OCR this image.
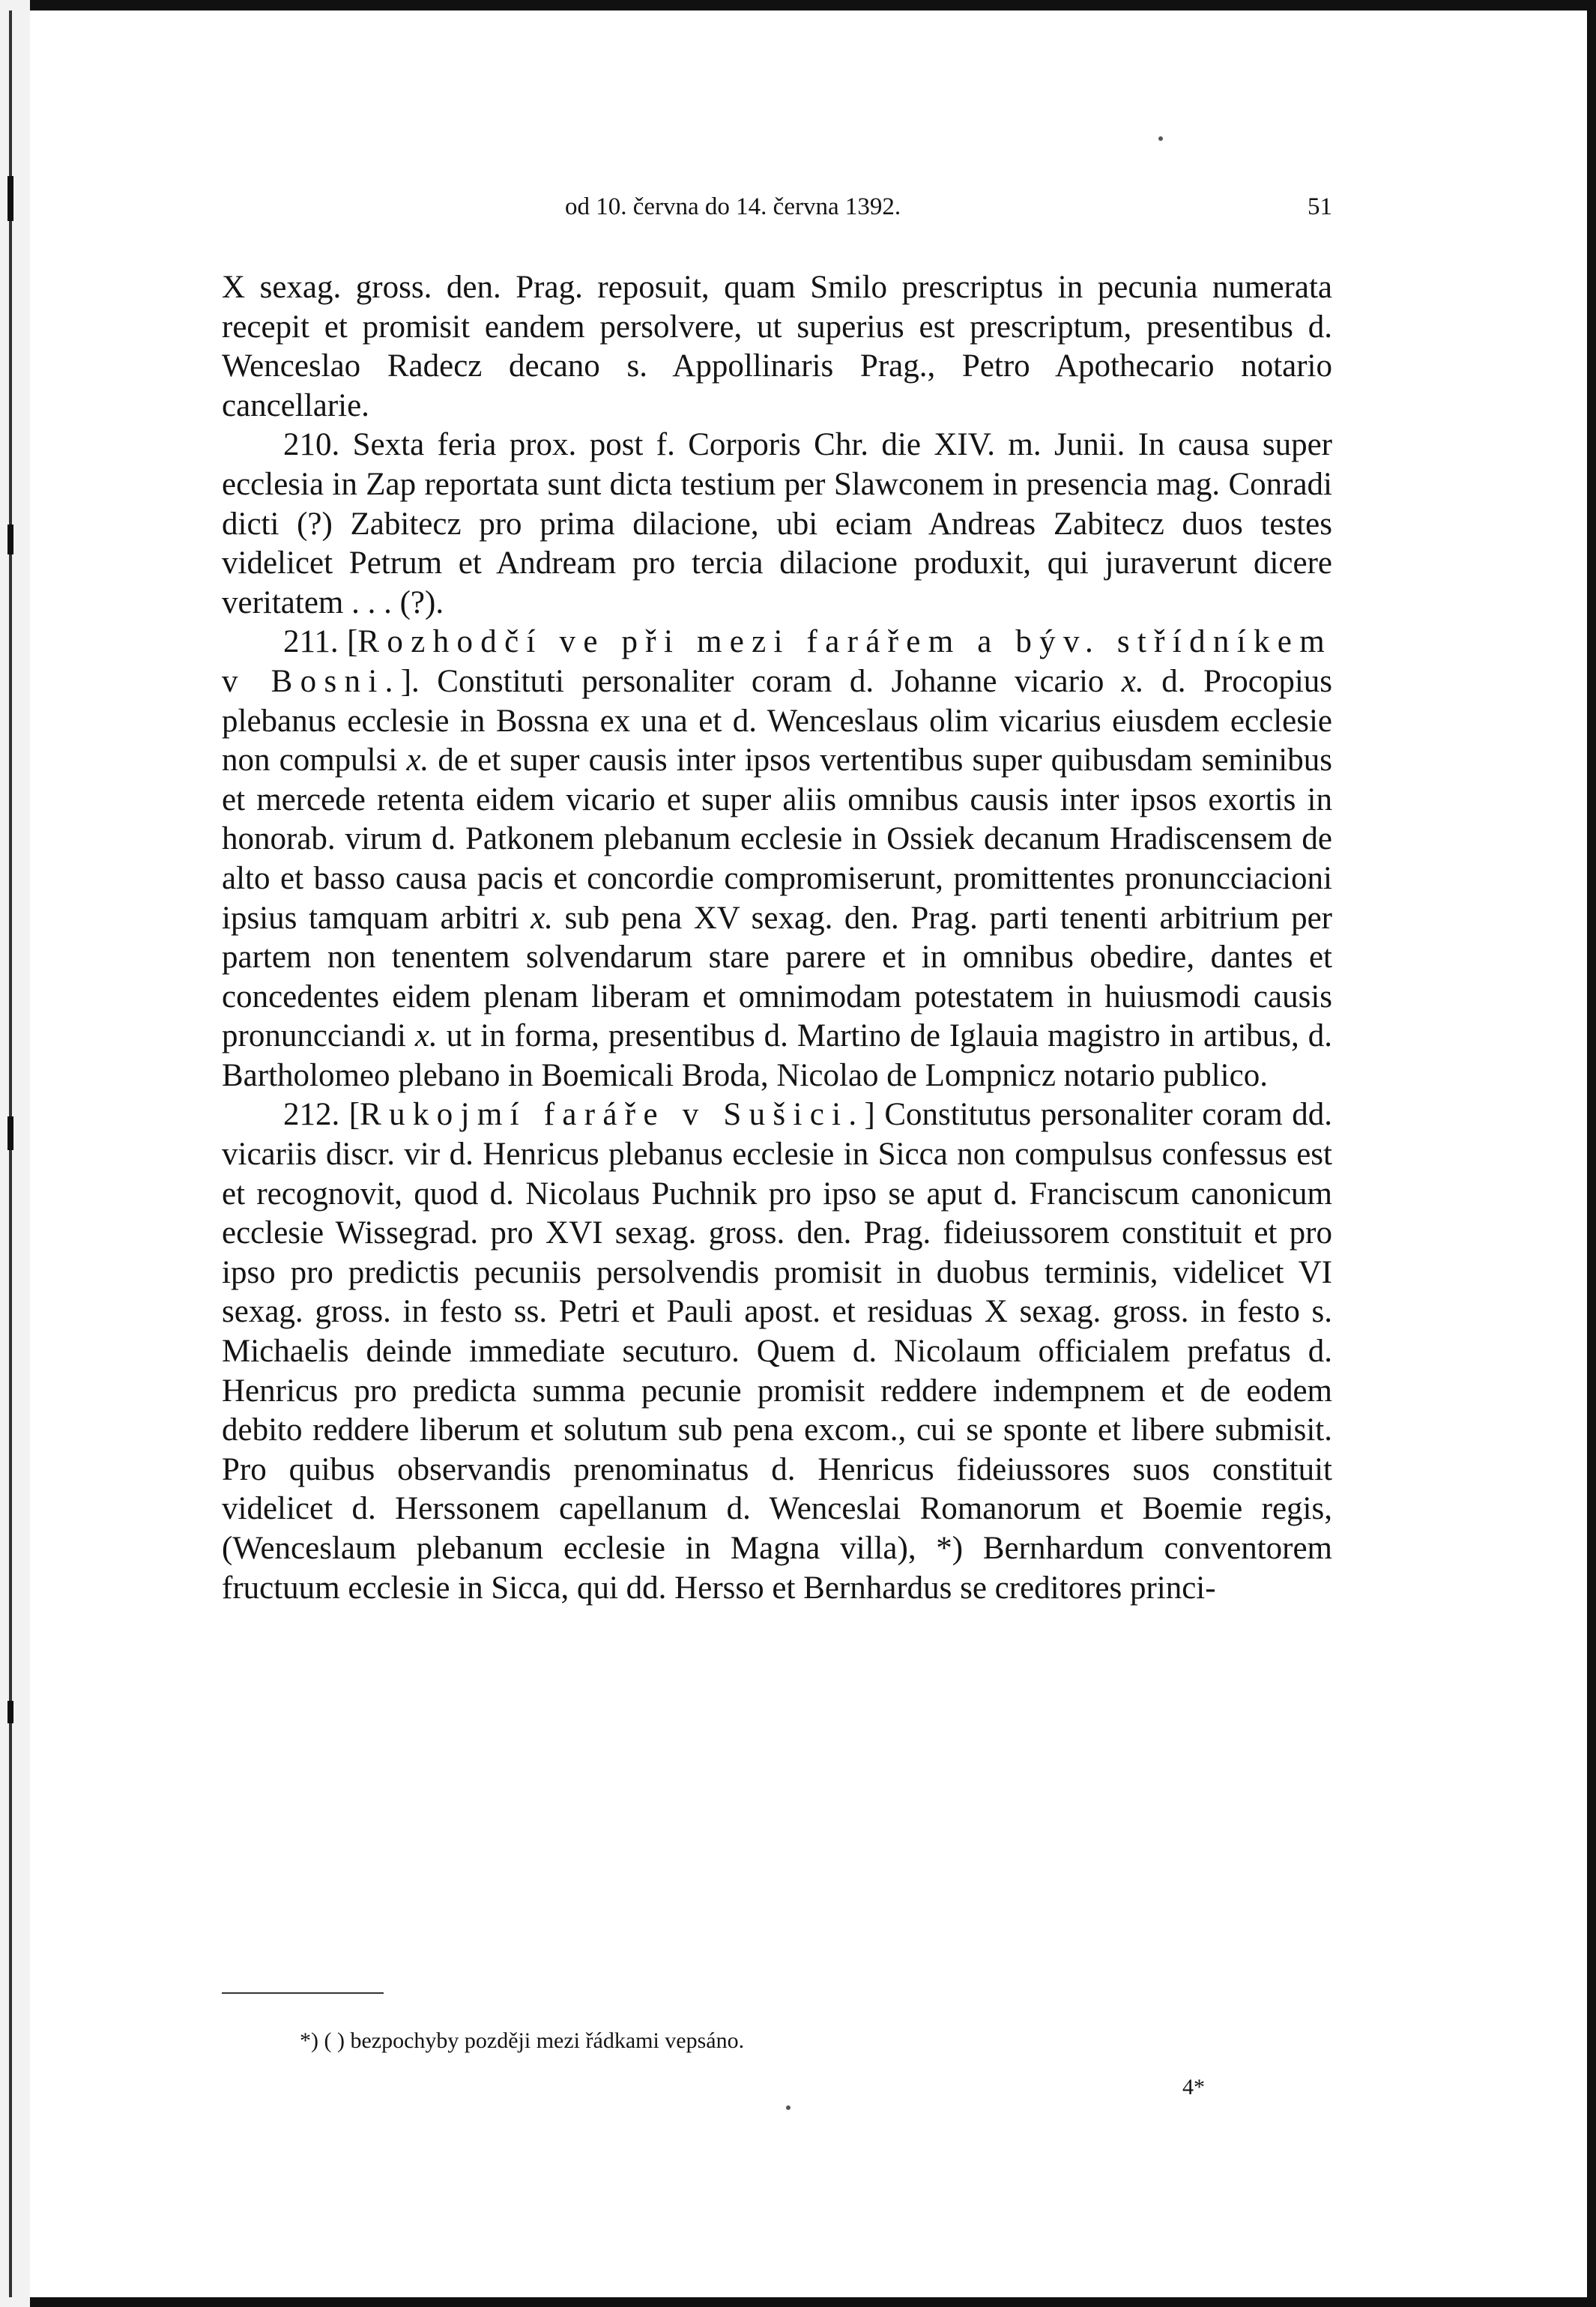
od 10. června do 14. června 1392.	51

X sexag. gross. den. Prag. reposuit, quam Smilo prescriptus in pecunia numerata recepit et promisit eandem persolvere, ut superius est prescriptum, presentibus d. Wenceslao Radecz decano s. Appollinaris Prag., Petro Apothecario notario cancellarie.

210. Sexta feria prox. post f. Corporis Chr. die XIV. m. Junii. In causa super ecclesia in Zap reportata sunt dicta testium per Slawconem in presencia mag. Conradi dicti (?) Zabitecz pro prima dilacione, ubi eciam Andreas Zabitecz duos testes videlicet Petrum et Andream pro tercia dilacione produxit, qui juraverunt dicere veritatem . . . (?).

211. [Rozhodčí ve při mezi farářem a býv. střídníkem v Bosni.]. Constituti personaliter coram d. Johanne vicario x. d. Procopius plebanus ecclesie in Bossna ex una et d. Wenceslaus olim vicarius eiusdem ecclesie non compulsi x. de et super causis inter ipsos vertentibus super quibusdam seminibus et mercede retenta eidem vicario et super aliis omnibus causis inter ipsos exortis in honorab. virum d. Patkonem plebanum ecclesie in Ossiek decanum Hradiscensem de alto et basso causa pacis et concordie compromiserunt, promittentes pronuncciacioni ipsius tamquam arbitri x. sub pena XV sexag. den. Prag. parti tenenti arbitrium per partem non tenentem solvendarum stare parere et in omnibus obedire, dantes et concedentes eidem plenam liberam et omnimodam potestatem in huiusmodi causis pronuncciandi x. ut in forma, presentibus d. Martino de Iglauia magistro in artibus, d. Bartholomeo plebano in Boemicali Broda, Nicolao de Lompnicz notario publico.

212. [Rukojmí faráře v Sušici.] Constitutus personaliter coram dd. vicariis discr. vir d. Henricus plebanus ecclesie in Sicca non compulsus confessus est et recognovit, quod d. Nicolaus Puchnik pro ipso se aput d. Franciscum canonicum ecclesie Wissegrad. pro XVI sexag. gross. den. Prag. fideiussorem constituit et pro ipso pro predictis pecuniis persolvendis promisit in duobus terminis, videlicet VI sexag. gross. in festo ss. Petri et Pauli apost. et residuas X sexag. gross. in festo s. Michaelis deinde immediate secuturo. Quem d. Nicolaum officialem prefatus d. Henricus pro predicta summa pecunie promisit reddere indempnem et de eodem debito reddere liberum et solutum sub pena excom., cui se sponte et libere submisit. Pro quibus observandis prenominatus d. Henricus fideiussores suos constituit videlicet d. Herssonem capellanum d. Wenceslai Romanorum et Boemie regis, (Wenceslaum plebanum ecclesie in Magna villa), *) Bernhardum conventorem fructuum ecclesie in Sicca, qui dd. Hersso et Bernhardus se creditores princi-

*) ( ) bezpochyby později mezi řádkami vepsáno.
4*
